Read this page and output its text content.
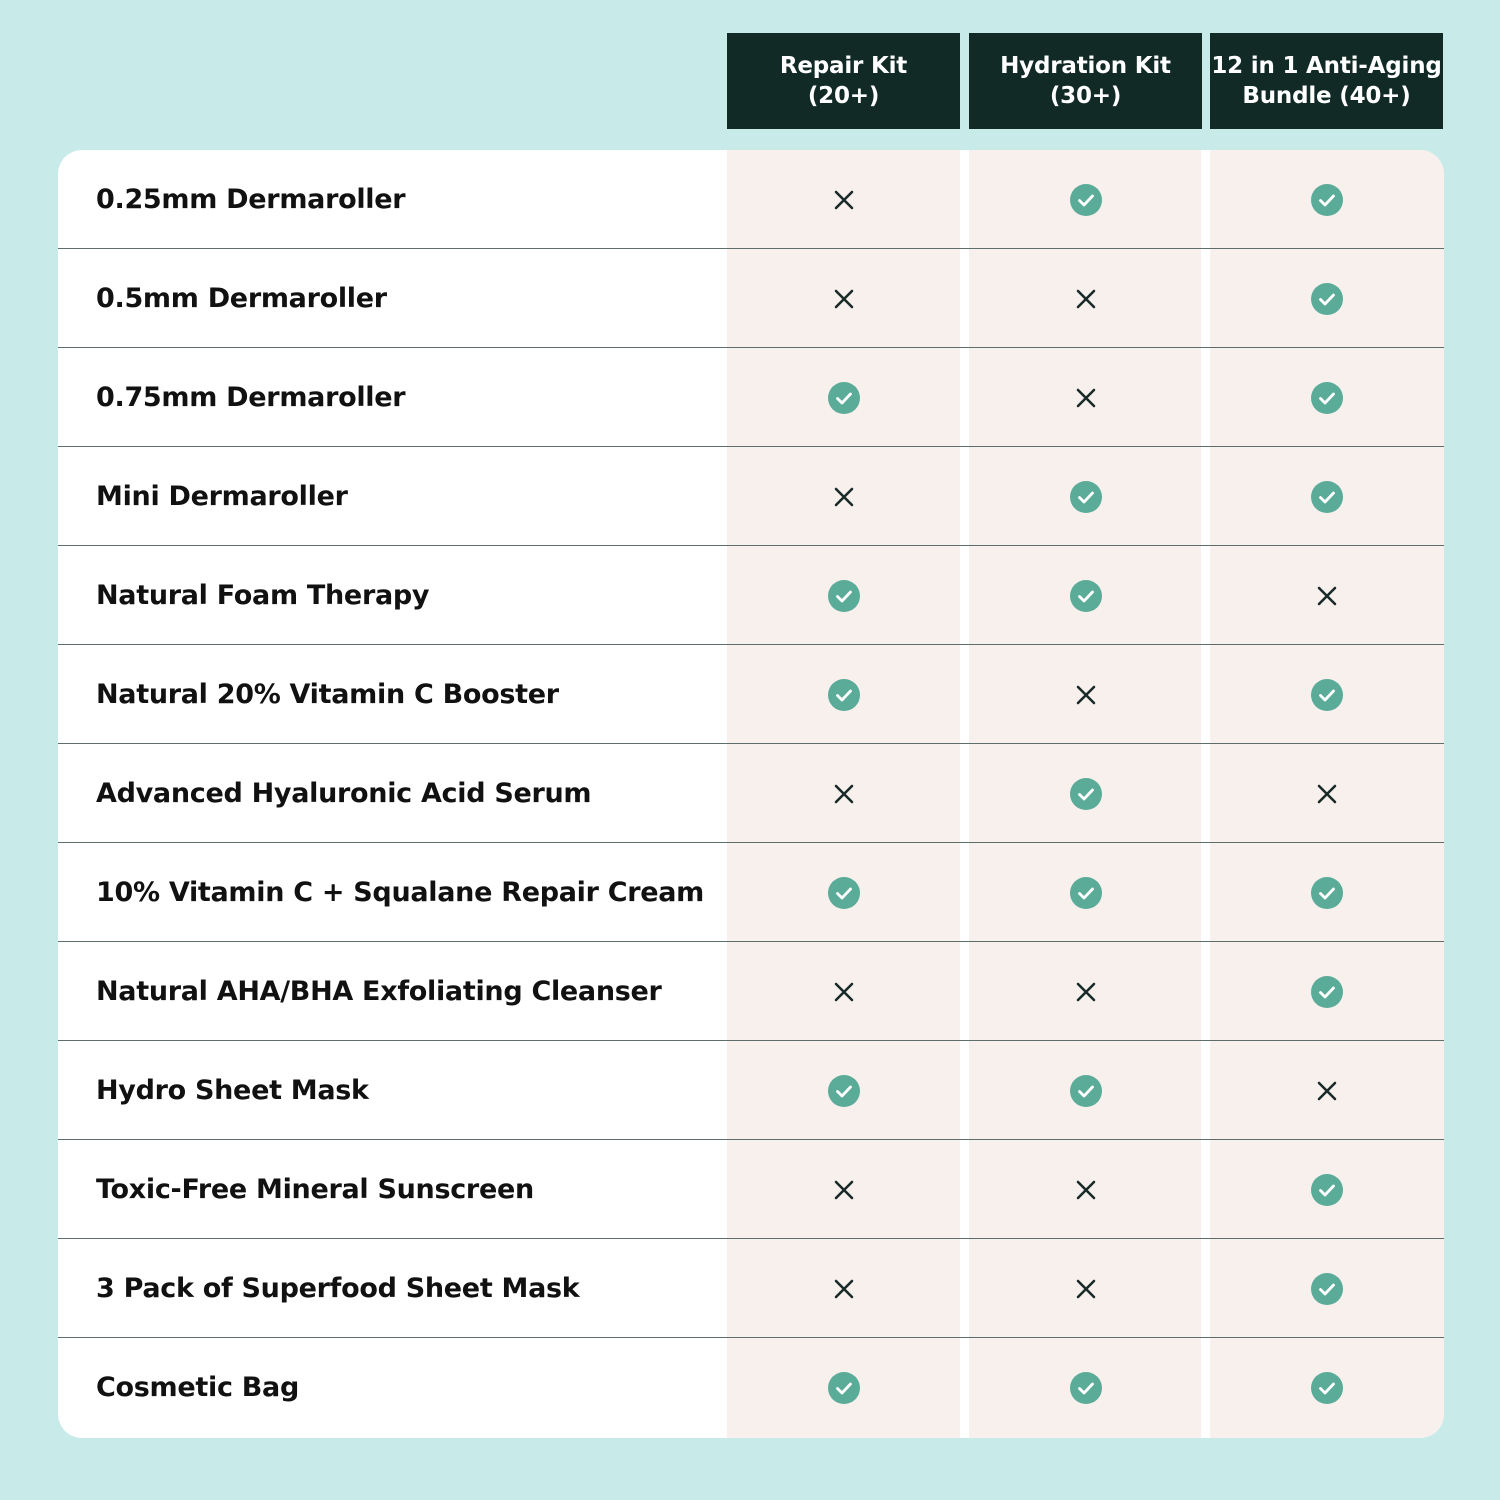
Repair Kit
(20+)
Hydration Kit
(30+)
12 in 1 Anti-Aging
Bundle (40+)
0.25mm Dermaroller
0.5mm Dermaroller
0.75mm Dermaroller
Mini Dermaroller
Natural Foam Therapy
Natural 20% Vitamin C Booster
Advanced Hyaluronic Acid Serum
10% Vitamin C + Squalane Repair Cream
Natural AHA/BHA Exfoliating Cleanser
Hydro Sheet Mask
Toxic-Free Mineral Sunscreen
3 Pack of Superfood Sheet Mask
Cosmetic Bag
